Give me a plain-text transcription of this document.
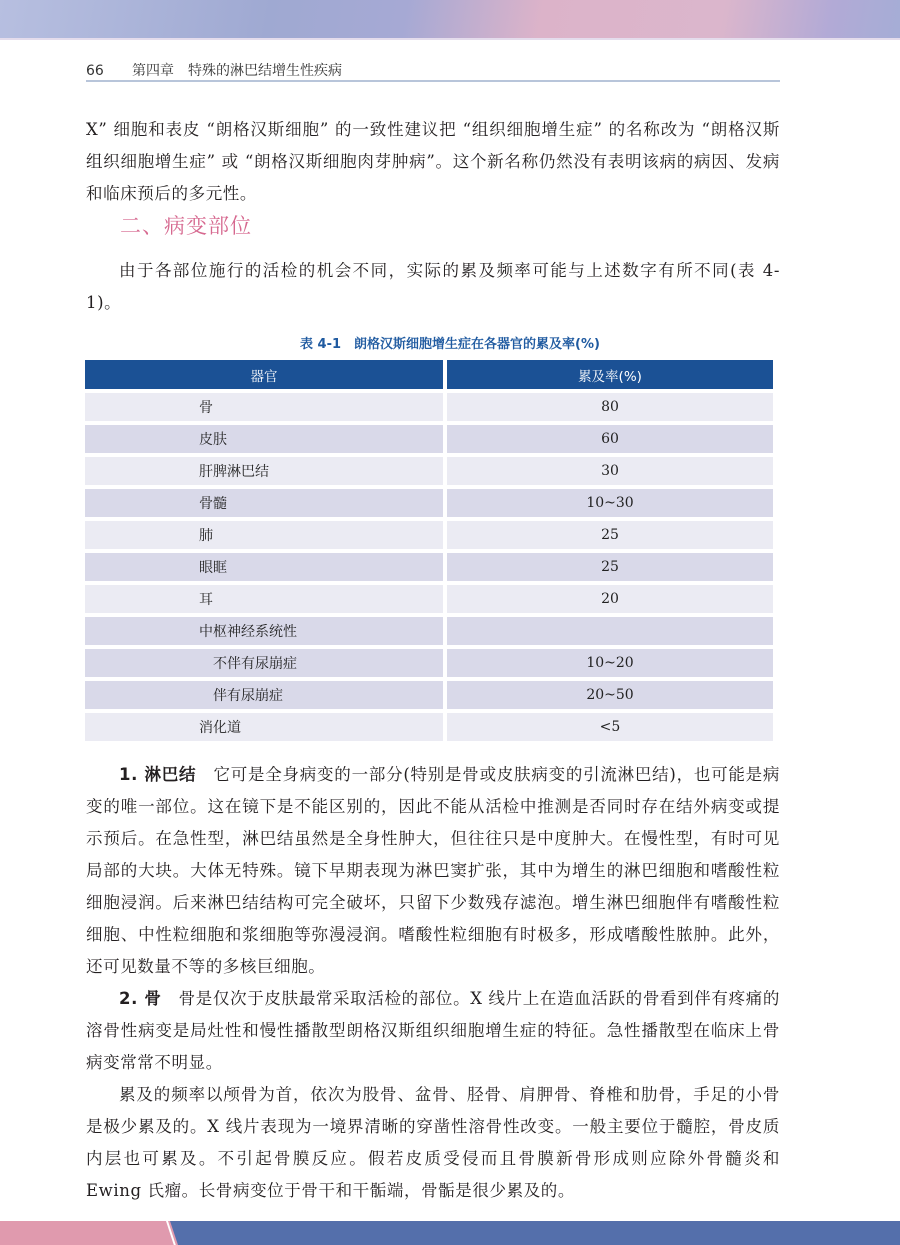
66 第四章　特殊的淋巴结增生性疾病

X” 细胞和表皮 “朗格汉斯细胞” 的一致性建议把 “组织细胞增生症” 的名称改为 “朗格汉斯组织细胞增生症” 或 “朗格汉斯细胞肉芽肿病”。这个新名称仍然没有表明该病的病因、发病和临床预后的多元性。

二、病变部位

由于各部位施行的活检的机会不同，实际的累及频率可能与上述数字有所不同(表 4-1)。

表 4-1　朗格汉斯细胞增生症在各器官的累及率(%)
器官	累及率(%)
骨	80
皮肤	60
肝脾淋巴结	30
骨髓	10~30
肺	25
眼眶	25
耳	20
中枢神经系统性	
不伴有尿崩症	10~20
伴有尿崩症	20~50
消化道	<5

1. 淋巴结　 它可是全身病变的一部分(特别是骨或皮肤病变的引流淋巴结)，也可能是病变的唯一部位。这在镜下是不能区别的，因此不能从活检中推测是否同时存在结外病变或提示预后。在急性型，淋巴结虽然是全身性肿大，但往往只是中度肿大。在慢性型，有时可见局部的大块。大体无特殊。镜下早期表现为淋巴窦扩张，其中为增生的淋巴细胞和嗜酸性粒细胞浸润。后来淋巴结结构可完全破坏，只留下少数残存滤泡。增生淋巴细胞伴有嗜酸性粒细胞、中性粒细胞和浆细胞等弥漫浸润。嗜酸性粒细胞有时极多，形成嗜酸性脓肿。此外，还可见数量不等的多核巨细胞。

2. 骨　 骨是仅次于皮肤最常采取活检的部位。X 线片上在造血活跃的骨看到伴有疼痛的溶骨性病变是局灶性和慢性播散型朗格汉斯组织细胞增生症的特征。急性播散型在临床上骨病变常常不明显。

累及的频率以颅骨为首，依次为股骨、盆骨、胫骨、肩胛骨、脊椎和肋骨，手足的小骨是极少累及的。X 线片表现为一境界清晰的穿凿性溶骨性改变。一般主要位于髓腔，骨皮质内层也可累及。不引起骨膜反应。假若皮质受侵而且骨膜新骨形成则应除外骨髓炎和 Ewing 氏瘤。长骨病变位于骨干和干骺端，骨骺是很少累及的。
